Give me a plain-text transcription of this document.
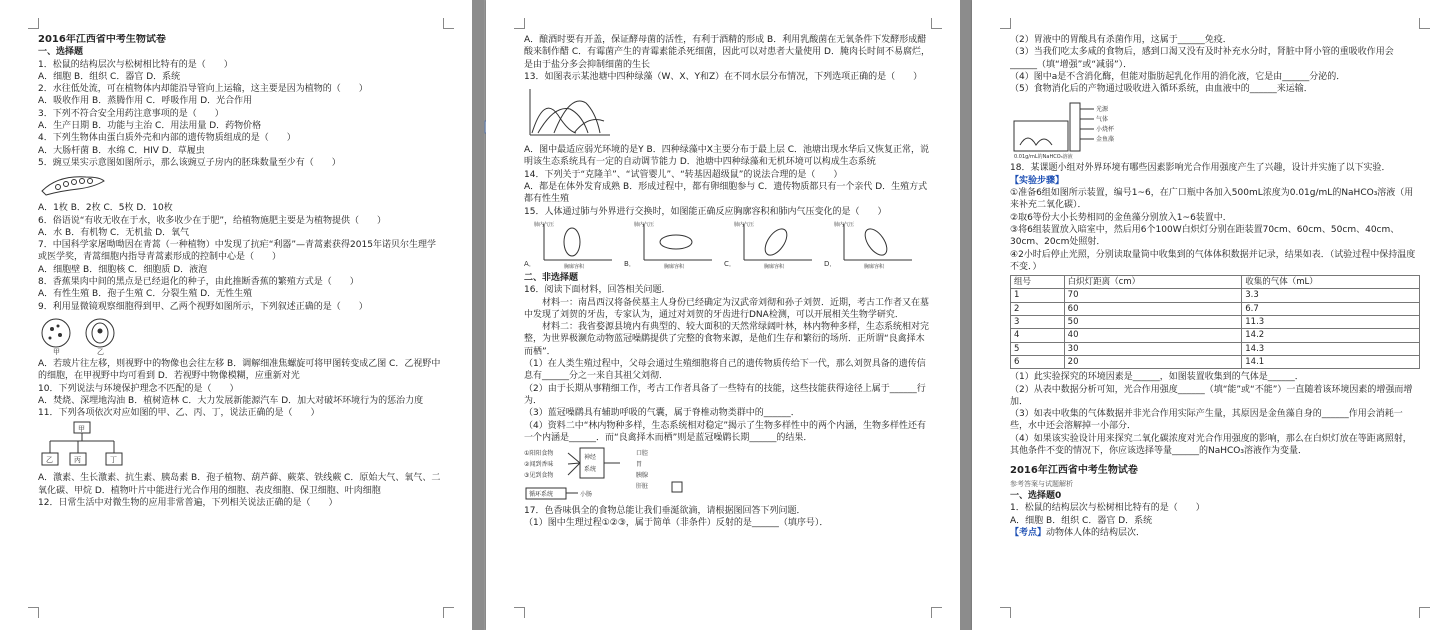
2016年江西省中考生物试卷

一、选择题

1．松鼠的结构层次与松树相比特有的是（　　）

A．细胞 B．组织 C．器官 D．系统

2．水往低处流，可在植物体内却能沿导管向上运输，这主要是因为植物的（　　）

A．吸收作用 B．蒸腾作用 C．呼吸作用 D．光合作用

3．下列不符合安全用药注意事项的是（　　）

A．生产日期 B．功能与主治 C．用法用量 D．药物价格

4．下列生物体由蛋白质外壳和内部的遗传物质组成的是（　　）

A．大肠杆菌 B．水绵 C．HIV D．草履虫

5．豌豆果实示意图如图所示，那么该豌豆子房内的胚珠数量至少有（　　）

A．1枚 B．2枚 C．5枚 D．10枚

6．俗语说“有收无收在于水，收多收少在于肥”，给植物施肥主要是为植物提供（　　）

A．水 B．有机物 C．无机盐 D．氧气

7．中国科学家屠呦呦因在青蒿（一种植物）中发现了抗疟“利器”—青蒿素获得2015年诺贝尔生理学或医学奖，青蒿细胞内指导青蒿素形成的控制中心是（　　）

A．细胞壁 B．细胞核 C．细胞质 D．液泡

8．香蕉果肉中间的黑点是已经退化的种子，由此推断香蕉的繁殖方式是（　　）

A．有性生殖 B．孢子生殖 C．分裂生殖 D．无性生殖

9．利用显微镜观察细胞得到甲、乙两个视野如图所示，下列叙述正确的是（　　）

甲	乙

A．若玻片往左移，则视野中的物像也会往左移 B．调解细准焦螺旋可将甲图转变成乙图 C．乙视野中的细胞，在甲视野中均可看到 D．若视野中物像模糊，应重新对光

10．下列说法与环境保护理念不匹配的是（　　）

A．焚烧、深埋地沟油 B．植树造林 C．大力发展新能源汽车 D．加大对破坏环境行为的惩治力度

11．下列各项依次对应如图的甲、乙、丙、丁，说法正确的是（　　）

甲
乙	丙	丁

A．激素、生长激素、抗生素、胰岛素 B．孢子植物、葫芦藓、蕨菜、铁线蕨 C．原始大气、氧气、二氧化碳、甲烷 D．植物叶片中能进行光合作用的细胞、表皮细胞、保卫细胞、叶肉细胞

12．日常生活中对微生物的应用非常普遍，下列相关说法正确的是（　　）

A．酿酒时要有开盖，保证酵母菌的活性，有利于酒精的形成 B．利用乳酸菌在无氧条件下发酵形成醋酸来制作醋 C．有霉菌产生的青霉素能杀死细菌，因此可以对患者大量使用 D．腌肉长时间不易腐烂，是由于盐分多会抑制细菌的生长

13．如图表示某池塘中四种绿藻（W、X、Y和Z）在不同水层分布情况，下列选项正确的是（　　）

A．图中最适应弱光环境的是Y B．四种绿藻中X主要分布于最上层 C．池塘出现水华后又恢复正常，说明该生态系统具有一定的自动调节能力 D．池塘中四种绿藻和无机环境可以构成生态系统

14．下列关于“克隆羊”、“试管婴儿”、“转基因超级鼠”的说法合理的是（　　）

A．都是在体外发育成熟 B．形成过程中，都有卵细胞参与 C．遗传物质都只有一个亲代 D．生殖方式都有性生殖

15．人体通过肺与外界进行交换时，如图能正确反应胸廓容积和肺内气压变化的是（　　）

A．
肺内气压
胸廓容积	B．
肺内气压
胸廓容积	C．
肺内气压
胸廓容积	D．
肺内气压
胸廓容积

二、非选择题

16．阅读下面材料，回答相关问题．

　　材料一：南昌西汉将备侯墓主人身份已经确定为汉武帝刘彻和孙子刘贺．近期，考古工作者又在墓中发现了刘贺的牙齿，专家认为，通过对刘贺的牙齿进行DNA检测，可以开展相关生物学研究．

　　材料二：我省婺源县境内有典型的、较大面积的天然常绿阔叶林，林内物种多样，生态系统相对完整，为世界极濒危动物蓝冠噪鹛提供了完整的食物来源，是他们生存和繁衍的场所．正所谓“良禽择木而栖”．

（1）在人类生殖过程中，父母会通过生殖细胞将自己的遗传物质传给下一代，那么刘贺具备的遗传信息有______分之一来自其祖父刘彻．

（2）由于长期从事精细工作，考古工作者具备了一些特有的技能，这些技能获得途径上属于______行为．

（3）蓝冠噪鹛具有辅助呼吸的气囊，属于脊椎动物类群中的______．

（4）资料二中“林内物种多样，生态系统相对稳定”揭示了生物多样性中的两个内涵，生物多样性还有一个内涵是______．而“良禽择木而栖”则是蓝冠噪鹛长期______的结果．

①阳阳食物
②闻到香味
③见到食物
神经
系统
口腔
胃
胰腺
肝脏
循环系统	小肠

17．色香味俱全的食物总能让我们垂涎欲滴，请根据图回答下列问题．

（1）图中生理过程①②③，属于简单（非条件）反射的是______（填序号）．

（2）胃液中的胃酸具有杀菌作用，这属于______免疫．

（3）当我们吃太多咸的食物后，感到口渴又没有及时补充水分时，肾脏中肾小管的重吸收作用会______（填“增强”或“减弱”）．

（4）图中a是不含消化酶，但能对脂肪起乳化作用的消化液，它是由______分泌的．

（5）食物消化后的产物通过吸收进入循环系统，由血液中的______来运输．

光源
气体
小烧杯
金鱼藻
0.01g/mL的NaHCO₃溶液

18．某课题小组对外界环境有哪些因素影响光合作用强度产生了兴趣，设计并实施了以下实验．

【实验步骤】

①准备6组如图所示装置，编号1~6，在广口瓶中各加入500mL浓度为0.01g/mL的NaHCO₃溶液（用来补充二氧化碳）．

②取6等份大小长势相同的金鱼藻分别放入1~6装置中．

③将6组装置放入暗室中，然后用6个100W白炽灯分别在距装置70cm、60cm、50cm、40cm、30cm、20cm处照射．

④2小时后停止光照，分别读取量筒中收集到的气体体积数据并记录，结果如表．（试验过程中保持温度不变．）

组号	白炽灯距离（cm）	收集的气体（mL）
1	70	3.3
2	60	6.7
3	50	11.3
4	40	14.2
5	30	14.3
6	20	14.1

（1）此实验探究的环境因素是______，如图装置收集到的气体是______．

（2）从表中数据分析可知，光合作用强度______（填“能”或“不能”）一直随着该环境因素的增强而增加．

（3）如表中收集的气体数据并非光合作用实际产生量，其原因是金鱼藻自身的______作用会消耗一些，水中还会溶解掉一小部分．

（4）如果该实验设计用来探究二氧化碳浓度对光合作用强度的影响，那么在白炽灯放在等距离照射，其他条件不变的情况下，你应该选择等量______的NaHCO₃溶液作为变量．

2016年江西省中考生物试卷

参考答案与试题解析

一、选择题0

1．松鼠的结构层次与松树相比特有的是（　　）

A．细胞 B．组织 C．器官 D．系统

【考点】动物体人体的结构层次．
